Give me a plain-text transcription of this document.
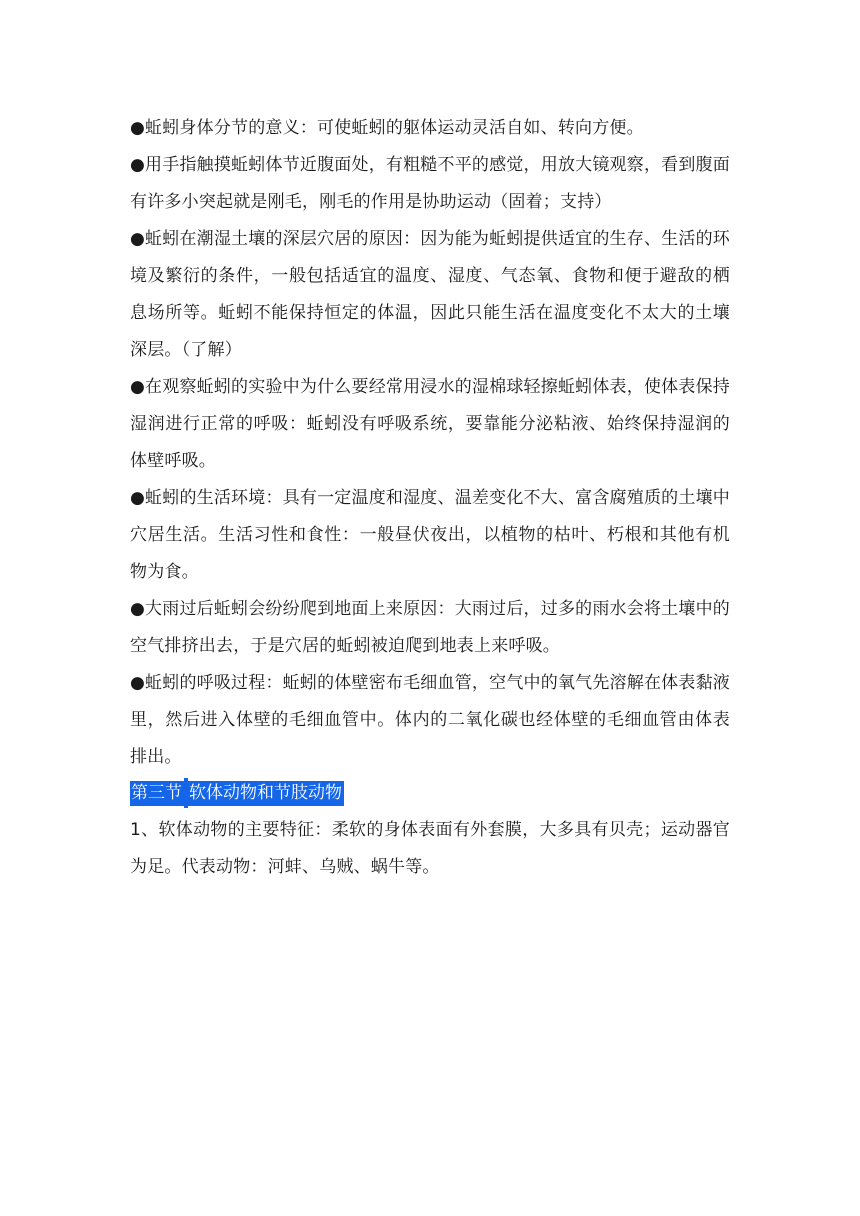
●蚯蚓身体分节的意义：可使蚯蚓的躯体运动灵活自如、转向方便。

●用手指触摸蚯蚓体节近腹面处，有粗糙不平的感觉，用放大镜观察，看到腹面有许多小突起就是刚毛，刚毛的作用是协助运动（固着；支持）

●蚯蚓在潮湿土壤的深层穴居的原因：因为能为蚯蚓提供适宜的生存、生活的环境及繁衍的条件，一般包括适宜的温度、湿度、气态氧、食物和便于避敌的栖息场所等。蚯蚓不能保持恒定的体温，因此只能生活在温度变化不太大的土壤深层。（了解）

●在观察蚯蚓的实验中为什么要经常用浸水的湿棉球轻擦蚯蚓体表，使体表保持湿润进行正常的呼吸：蚯蚓没有呼吸系统，要靠能分泌粘液、始终保持湿润的体壁呼吸。

●蚯蚓的生活环境：具有一定温度和湿度、温差变化不大、富含腐殖质的土壤中穴居生活。生活习性和食性：一般昼伏夜出，以植物的枯叶、朽根和其他有机物为食。

●大雨过后蚯蚓会纷纷爬到地面上来原因：大雨过后，过多的雨水会将土壤中的空气排挤出去，于是穴居的蚯蚓被迫爬到地表上来呼吸。

●蚯蚓的呼吸过程：蚯蚓的体壁密布毛细血管，空气中的氧气先溶解在体表黏液里，然后进入体壁的毛细血管中。体内的二氧化碳也经体壁的毛细血管由体表排出。

第三节 软体动物和节肢动物

1、软体动物的主要特征：柔软的身体表面有外套膜，大多具有贝壳；运动器官为足。代表动物：河蚌、乌贼、蜗牛等。
